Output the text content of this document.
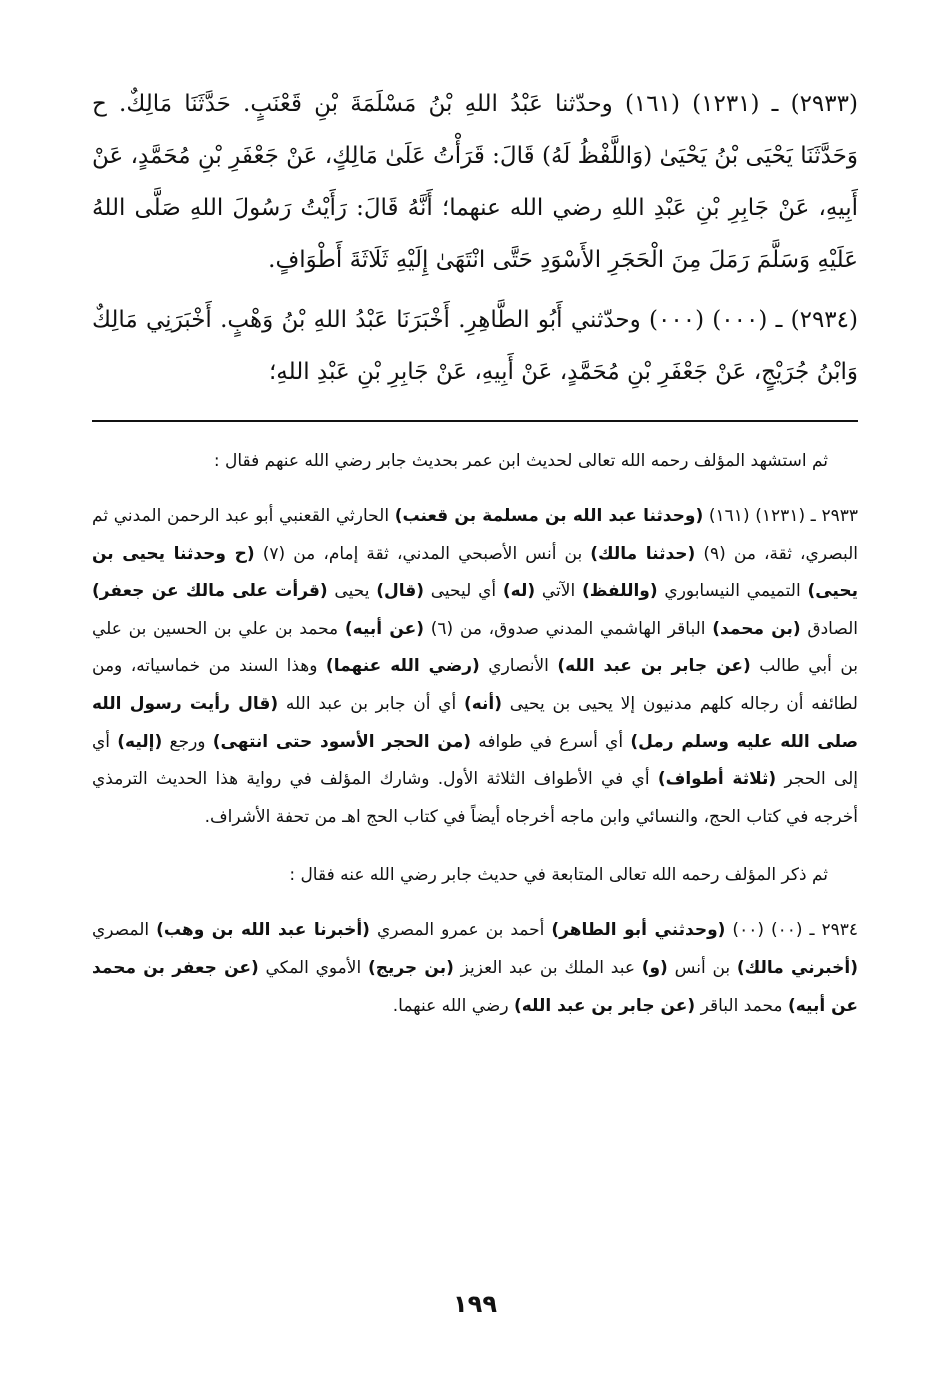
(٢٩٣٣) ـ (١٢٣١) (١٦١) وحدّثنا عَبْدُ اللهِ بْنُ مَسْلَمَةَ بْنِ قَعْنَبٍ. حَدَّثَنَا مَالِكٌ. ح وَحَدَّثَنَا يَحْيَى بْنُ يَحْيَىٰ (وَاللَّفْظُ لَهُ) قَالَ: قَرَأْتُ عَلَىٰ مَالِكٍ، عَنْ جَعْفَرِ بْنِ مُحَمَّدٍ، عَنْ أَبِيهِ، عَنْ جَابِرِ بْنِ عَبْدِ اللهِ رضي الله عنهما؛ أَنَّهُ قَالَ: رَأَيْتُ رَسُولَ اللهِ صَلَّى اللهُ عَلَيْهِ وَسَلَّمَ رَمَلَ مِنَ الْحَجَرِ الأَسْوَدِ حَتَّى انْتَهَىٰ إِلَيْهِ ثَلَاثَةَ أَطْوَافٍ.

(٢٩٣٤) ـ (٠٠٠) (٠٠٠) وحدّثني أَبُو الطَّاهِرِ. أَخْبَرَنَا عَبْدُ اللهِ بْنُ وَهْبٍ. أَخْبَرَنِي مَالِكٌ وَابْنُ جُرَيْجٍ، عَنْ جَعْفَرِ بْنِ مُحَمَّدٍ، عَنْ أَبِيهِ، عَنْ جَابِرِ بْنِ عَبْدِ اللهِ؛

ثم استشهد المؤلف رحمه الله تعالى لحديث ابن عمر بحديث جابر رضي الله عنهم فقال :

٢٩٣٣ ـ (١٢٣١) (١٦١) (وحدثنا عبد الله بن مسلمة بن قعنب) الحارثي القعنبي أبو عبد الرحمن المدني ثم البصري، ثقة، من (٩) (حدثنا مالك) بن أنس الأصبحي المدني، ثقة إمام، من (٧) (ح وحدثنا يحيى بن يحيى) التميمي النيسابوري (واللفظ) الآتي (له) أي ليحيى (قال) يحيى (قرأت على مالك عن جعفر) الصادق (بن محمد) الباقر الهاشمي المدني صدوق، من (٦) (عن أبيه) محمد بن علي بن الحسين بن علي بن أبي طالب (عن جابر بن عبد الله) الأنصاري (رضي الله عنهما) وهذا السند من خماسياته، ومن لطائفه أن رجاله كلهم مدنيون إلا يحيى بن يحيى (أنه) أي أن جابر بن عبد الله (قال رأيت رسول الله صلى الله عليه وسلم رمل) أي أسرع في طوافه (من الحجر الأسود حتى انتهى) ورجع (إليه) أي إلى الحجر (ثلاثة أطواف) أي في الأطواف الثلاثة الأول. وشارك المؤلف في رواية هذا الحديث الترمذي أخرجه في كتاب الحج، والنسائي وابن ماجه أخرجاه أيضاً في كتاب الحج اهـ من تحفة الأشراف.

ثم ذكر المؤلف رحمه الله تعالى المتابعة في حديث جابر رضي الله عنه فقال :

٢٩٣٤ ـ (٠٠) (٠٠) (وحدثني أبو الطاهر) أحمد بن عمرو المصري (أخبرنا عبد الله بن وهب) المصري (أخبرني مالك) بن أنس (و) عبد الملك بن عبد العزيز (بن جريج) الأموي المكي (عن جعفر بن محمد عن أبيه) محمد الباقر (عن جابر بن عبد الله) رضي الله عنهما.

١٩٩
